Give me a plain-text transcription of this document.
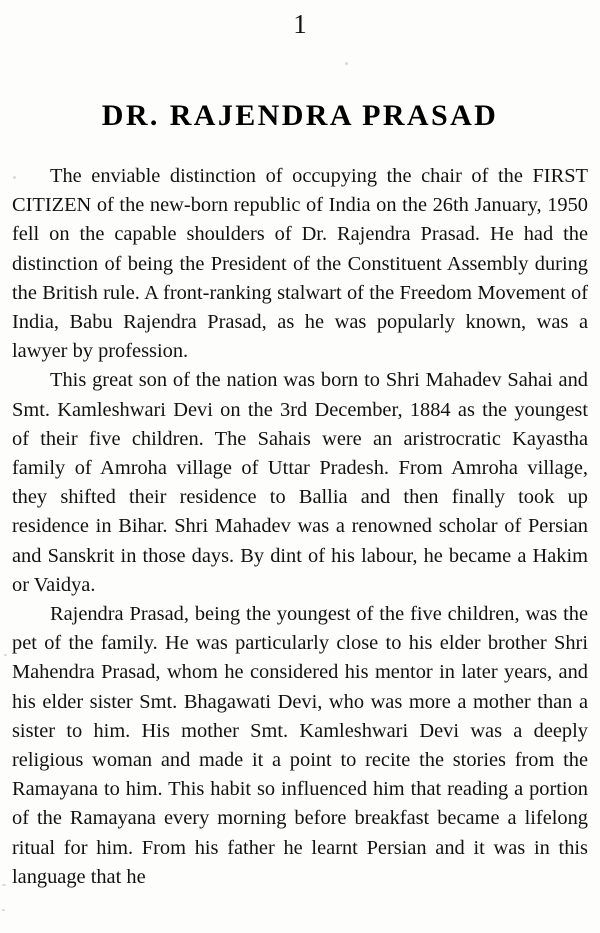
1
DR. RAJENDRA PRASAD

The enviable distinction of occupying the chair of the FIRST CITIZEN of the new-born republic of India on the 26th January, 1950 fell on the capable shoulders of Dr. Rajendra Prasad. He had the distinction of being the President of the Constituent Assembly during the British rule. A front-ranking stalwart of the Freedom Movement of India, Babu Rajendra Prasad, as he was popularly known, was a lawyer by profession.

This great son of the nation was born to Shri Mahadev Sahai and Smt. Kamleshwari Devi on the 3rd December, 1884 as the youngest of their five children. The Sahais were an aristrocratic Kayastha family of Amroha village of Uttar Pradesh. From Amroha village, they shifted their residence to Ballia and then finally took up residence in Bihar. Shri Mahadev was a renowned scholar of Persian and Sanskrit in those days. By dint of his labour, he became a Hakim or Vaidya.

Rajendra Prasad, being the youngest of the five children, was the pet of the family. He was particularly close to his elder brother Shri Mahendra Prasad, whom he considered his mentor in later years, and his elder sister Smt. Bhagawati Devi, who was more a mother than a sister to him. His mother Smt. Kamleshwari Devi was a deeply religious woman and made it a point to recite the stories from the Ramayana to him. This habit so influenced him that reading a portion of the Ramayana every morning before breakfast became a lifelong ritual for him. From his father he learnt Persian and it was in this language that he
